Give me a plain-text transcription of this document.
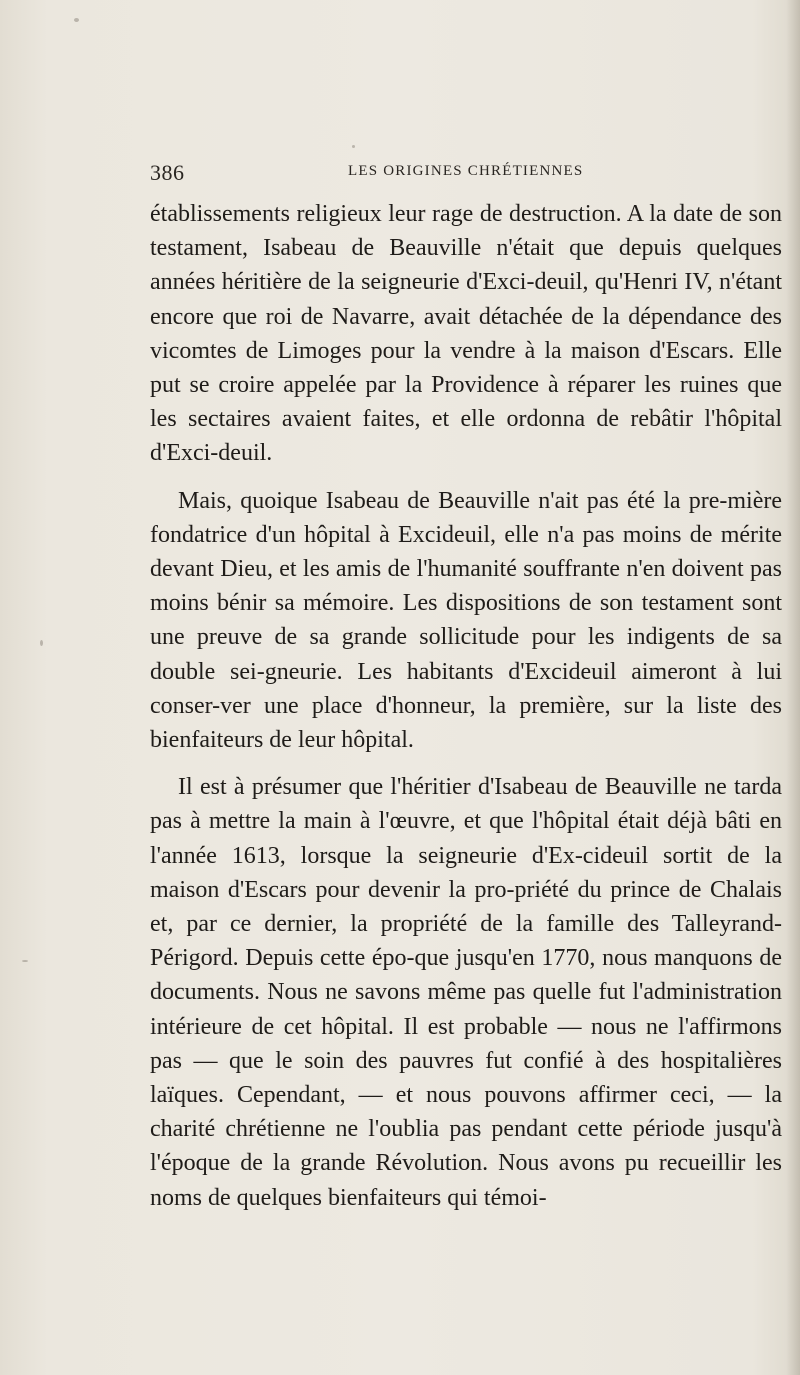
386	LES ORIGINES CHRÉTIENNES

établissements religieux leur rage de destruction. A la date de son testament, Isabeau de Beauville n'était que depuis quelques années héritière de la seigneurie d'Exci-deuil, qu'Henri IV, n'étant encore que roi de Navarre, avait détachée de la dépendance des vicomtes de Limoges pour la vendre à la maison d'Escars. Elle put se croire appelée par la Providence à réparer les ruines que les sectaires avaient faites, et elle ordonna de rebâtir l'hôpital d'Exci-deuil.

Mais, quoique Isabeau de Beauville n'ait pas été la pre-mière fondatrice d'un hôpital à Excideuil, elle n'a pas moins de mérite devant Dieu, et les amis de l'humanité souffrante n'en doivent pas moins bénir sa mémoire. Les dispositions de son testament sont une preuve de sa grande sollicitude pour les indigents de sa double sei-gneurie. Les habitants d'Excideuil aimeront à lui conser-ver une place d'honneur, la première, sur la liste des bienfaiteurs de leur hôpital.

Il est à présumer que l'héritier d'Isabeau de Beauville ne tarda pas à mettre la main à l'œuvre, et que l'hôpital était déjà bâti en l'année 1613, lorsque la seigneurie d'Ex-cideuil sortit de la maison d'Escars pour devenir la pro-priété du prince de Chalais et, par ce dernier, la propriété de la famille des Talleyrand-Périgord. Depuis cette épo-que jusqu'en 1770, nous manquons de documents. Nous ne savons même pas quelle fut l'administration intérieure de cet hôpital. Il est probable — nous ne l'affirmons pas — que le soin des pauvres fut confié à des hospitalières laïques. Cependant, — et nous pouvons affirmer ceci, — la charité chrétienne ne l'oublia pas pendant cette période jusqu'à l'époque de la grande Révolution. Nous avons pu recueillir les noms de quelques bienfaiteurs qui témoi-
